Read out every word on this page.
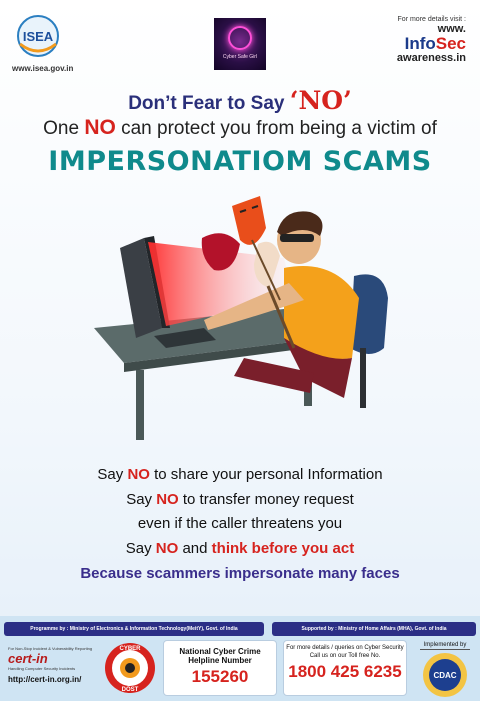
ISEA
www.isea.gov.in
Cyber Safe Girl
For more details visit :
www.
InfoSec
awareness.in
Don’t Fear to Say ‘NO’
One NO can protect you from being a victim of
IMPERSONATIOM SCAMS
Say NO to share your personal Information
Say NO to transfer money request
even if the caller threatens you
Say NO and think before you act
Because scammers impersonate many faces
Programme by : Ministry of Electronics & Information Technology(MeitY), Govt. of India	Supported by : Ministry of Home Affairs (MHA), Govt. of India
For Non-Stop Incident & Vulnerability Reporting
cert-in
Handling Computer Security Incidents
http://cert-in.org.in/
CYBER
DOST
National Cyber Crime Helpline Number
155260
For more details / queries on Cyber Security
Call us on our Toll free No.
1800 425 6235
Implemented by
CDAC
